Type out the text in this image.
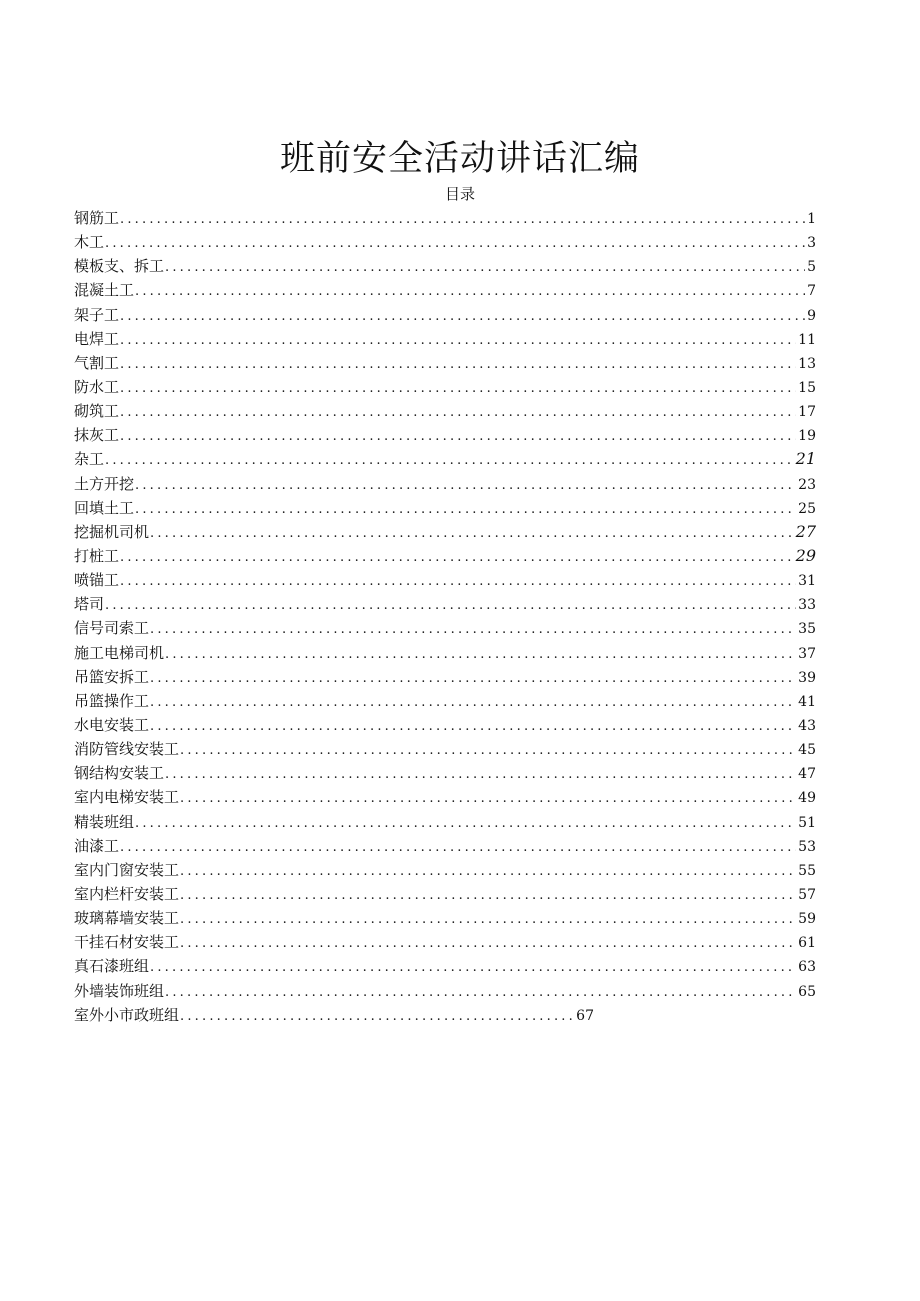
班前安全活动讲话汇编
目录
钢筋工 .....	1
木工 .....	3
模板支、拆工 .....	5
混凝土工 .....	7
架子工 .....	9
电焊工 .....	11
气割工 .....	13
防水工 .....	15
砌筑工 .....	17
抹灰工 .....	19
杂工 .....	21
土方开挖 .....	23
回填土工 .....	25
挖掘机司机 .....	27
打桩工 .....	29
喷锚工 .....	31
塔司 .....	33
信号司索工 .....	35
施工电梯司机 .....	37
吊篮安拆工 .....	39
吊篮操作工 .....	41
水电安装工 .....	43
消防管线安装工 .....	45
钢结构安装工 .....	47
室内电梯安装工 .....	49
精装班组 .....	51
油漆工 .....	53
室内门窗安装工 .....	55
室内栏杆安装工 .....	57
玻璃幕墙安装工 .....	59
干挂石材安装工 .....	61
真石漆班组 .....	63
外墙装饰班组 .....	65
室外小市政班组 .....	67
